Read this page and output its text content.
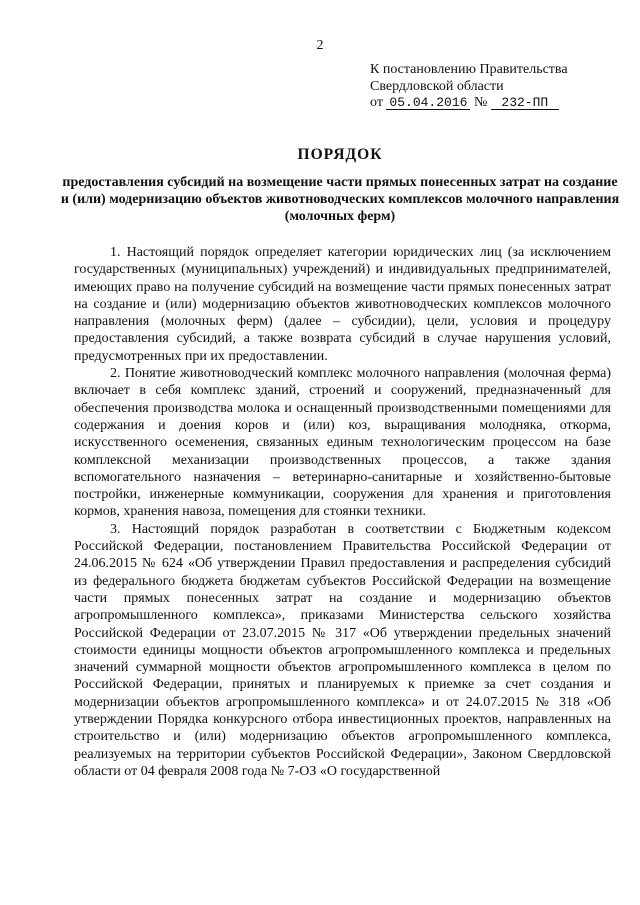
2
К постановлению Правительства
Свердловской области
от 05.04.2016 № 232-ПП
ПОРЯДОК
предоставления субсидий на возмещение части прямых понесенных затрат на создание и (или) модернизацию объектов животноводческих комплексов молочного направления (молочных ферм)

1. Настоящий порядок определяет категории юридических лиц (за исключением государственных (муниципальных) учреждений) и индивидуальных предпринимателей, имеющих право на получение субсидий на возмещение части прямых понесенных затрат на создание и (или) модернизацию объектов животноводческих комплексов молочного направления (молочных ферм) (далее – субсидии), цели, условия и процедуру предоставления субсидий, а также возврата субсидий в случае нарушения условий, предусмотренных при их предоставлении.

2. Понятие животноводческий комплекс молочного направления (молочная ферма) включает в себя комплекс зданий, строений и сооружений, предназначенный для обеспечения производства молока и оснащенный производственными помещениями для содержания и доения коров и (или) коз, выращивания молодняка, откорма, искусственного осеменения, связанных единым технологическим процессом на базе комплексной механизации производственных процессов, а также здания вспомогательного назначения – ветеринарно-санитарные и хозяйственно-бытовые постройки, инженерные коммуникации, сооружения для хранения и приготовления кормов, хранения навоза, помещения для стоянки техники.

3. Настоящий порядок разработан в соответствии с Бюджетным кодексом Российской Федерации, постановлением Правительства Российской Федерации от 24.06.2015 № 624 «Об утверждении Правил предоставления и распределения субсидий из федерального бюджета бюджетам субъектов Российской Федерации на возмещение части прямых понесенных затрат на создание и модернизацию объектов агропромышленного комплекса», приказами Министерства сельского хозяйства Российской Федерации от 23.07.2015 № 317 «Об утверждении предельных значений стоимости единицы мощности объектов агропромышленного комплекса и предельных значений суммарной мощности объектов агропромышленного комплекса в целом по Российской Федерации, принятых и планируемых к приемке за счет создания и модернизации объектов агропромышленного комплекса» и от 24.07.2015 № 318 «Об утверждении Порядка конкурсного отбора инвестиционных проектов, направленных на строительство и (или) модернизацию объектов агропромышленного комплекса, реализуемых на территории субъектов Российской Федерации», Законом Свердловской области от 04 февраля 2008 года № 7-ОЗ «О государственной
